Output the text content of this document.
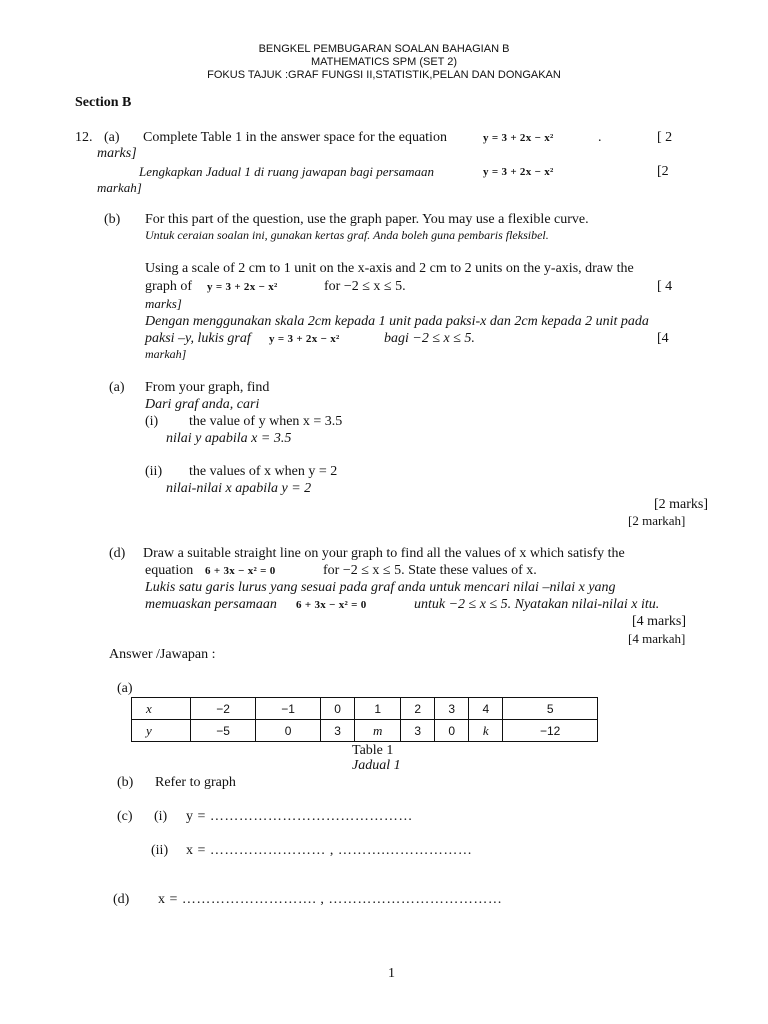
BENGKEL PEMBUGARAN SOALAN BAHAGIAN B
MATHEMATICS SPM (SET 2)
FOKUS TAJUK :GRAF FUNGSI II,STATISTIK,PELAN DAN DONGAKAN
Section B
12. (a) Complete Table 1 in the answer space for the equation	y = 3 + 2x − x²	.	[ 2
marks]
Lengkapkan Jadual 1 di ruang jawapan bagi persamaan	y = 3 + 2x − x²	[2
markah]
(b) For this part of the question, use the graph paper. You may use a flexible curve.
Untuk ceraian soalan ini, gunakan kertas graf. Anda boleh guna pembaris fleksibel.
Using a scale of 2 cm to 1 unit on the x-axis and 2 cm to 2 units on the y-axis, draw the
graph of y = 3 + 2x − x²	for −2 ≤ x ≤ 5.	[ 4
marks]
Dengan menggunakan skala 2cm kepada 1 unit pada paksi-x dan 2cm kepada 2 unit pada
paksi –y, lukis graf y = 3 + 2x − x²	bagi −2 ≤ x ≤ 5.	[4
markah]
(a) From your graph, find
Dari graf anda, cari
(i) the value of y when x = 3.5
nilai y apabila x = 3.5
(ii) the values of x when y = 2
nilai-nilai x apabila y = 2
[2 marks]
[2 markah]
(d) Draw a suitable straight line on your graph to find all the values of x which satisfy the
equation 6 + 3x − x² = 0	for −2 ≤ x ≤ 5. State these values of x.
Lukis satu garis lurus yang sesuai pada graf anda untuk mencari nilai –nilai x yang
memuaskan persamaan 6 + 3x − x² = 0	untuk −2 ≤ x ≤ 5. Nyatakan nilai-nilai x itu.
[4 marks]
[4 markah]
Answer /Jawapan :
(a)
x	−2	−1	0	1	2	3	4	5
y	−5	0	3	m	3	0	k	−12
Table 1
Jadual 1
(b) Refer to graph
(c) (i) y = ……………………………………
(ii) x = …………………… , ……….………………
(d) x = ………………………. , ………………………………
1
